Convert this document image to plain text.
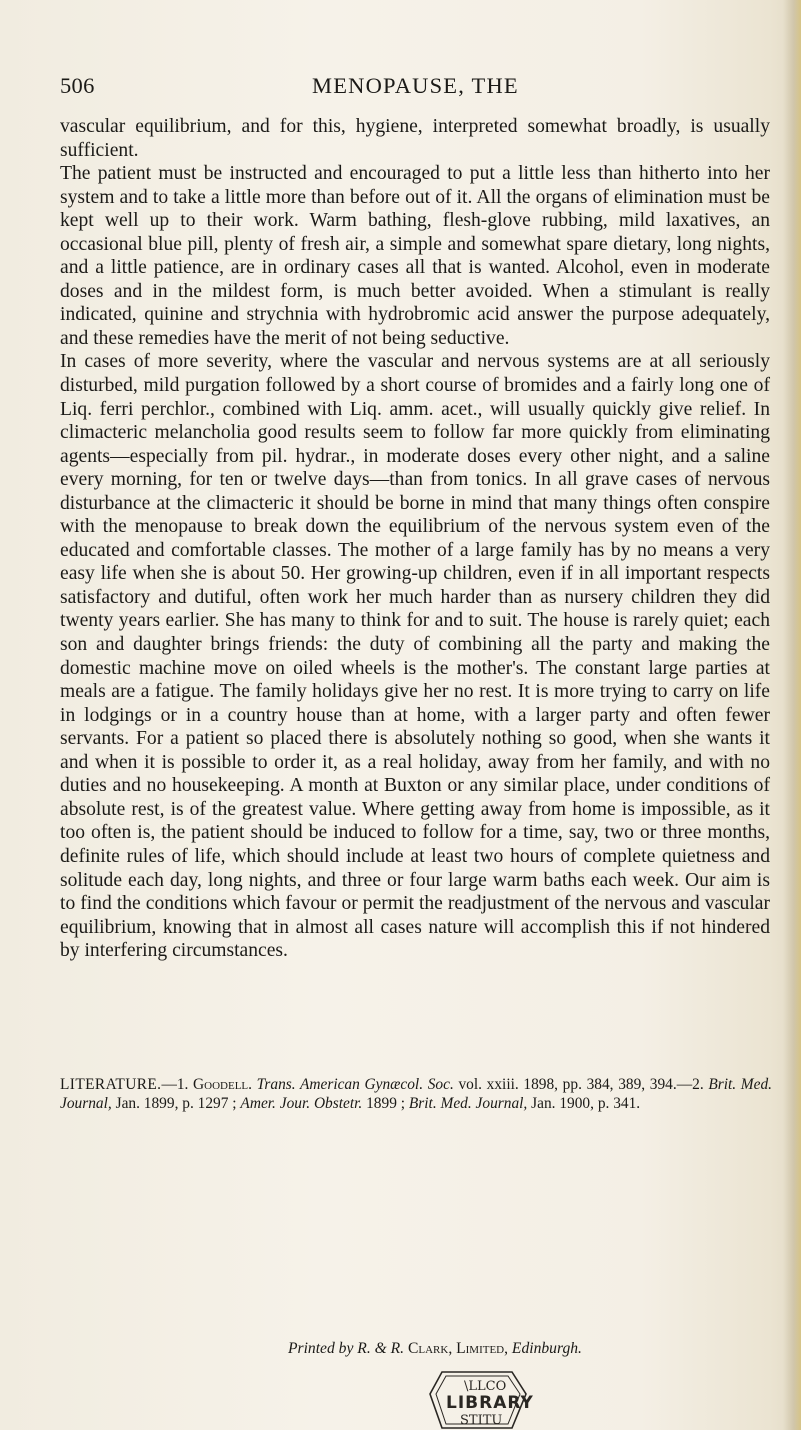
506	MENOPAUSE, THE

vascular equilibrium, and for this, hygiene, interpreted somewhat broadly, is usually sufficient.

The patient must be instructed and encouraged to put a little less than hitherto into her system and to take a little more than before out of it. All the organs of elimination must be kept well up to their work. Warm bathing, flesh-glove rubbing, mild laxatives, an occasional blue pill, plenty of fresh air, a simple and somewhat spare dietary, long nights, and a little patience, are in ordinary cases all that is wanted. Alcohol, even in moderate doses and in the mildest form, is much better avoided. When a stimulant is really indicated, quinine and strychnia with hydrobromic acid answer the purpose adequately, and these remedies have the merit of not being seductive.

In cases of more severity, where the vascular and nervous systems are at all seriously disturbed, mild purgation followed by a short course of bromides and a fairly long one of Liq. ferri perchlor., combined with Liq. amm. acet., will usually quickly give relief. In climacteric melancholia good results seem to follow far more quickly from eliminating agents—especially from pil. hydrar., in moderate doses every other night, and a saline every morning, for ten or twelve days—than from tonics. In all grave cases of nervous disturbance at the climacteric it should be borne in mind that many things often conspire with the menopause to break down the equilibrium of the nervous system even of the educated and comfortable classes. The mother of a large family has by no means a very easy life when she is about 50. Her growing-up children, even if in all important respects satisfactory and dutiful, often work her much harder than as nursery children they did twenty years earlier. She has many to think for and to suit. The house is rarely quiet; each son and daughter brings friends: the duty of combining all the party and making the domestic machine move on oiled wheels is the mother's. The constant large parties at meals are a fatigue. The family holidays give her no rest. It is more trying to carry on life in lodgings or in a country house than at home, with a larger party and often fewer servants. For a patient so placed there is absolutely nothing so good, when she wants it and when it is possible to order it, as a real holiday, away from her family, and with no duties and no housekeeping. A month at Buxton or any similar place, under conditions of absolute rest, is of the greatest value. Where getting away from home is impossible, as it too often is, the patient should be induced to follow for a time, say, two or three months, definite rules of life, which should include at least two hours of complete quietness and solitude each day, long nights, and three or four large warm baths each week. Our aim is to find the conditions which favour or permit the readjustment of the nervous and vascular equilibrium, knowing that in almost all cases nature will accomplish this if not hindered by interfering circumstances.

LITERATURE.—1. Goodell. Trans. American Gynæcol. Soc. vol. xxiii. 1898, pp. 384, 389, 394.—2. Brit. Med. Journal, Jan. 1899, p. 1297 ; Amer. Jour. Obstetr. 1899 ; Brit. Med. Journal, Jan. 1900, p. 341.
Printed by R. & R. Clark, Limited, Edinburgh.
\LLCO
LIBRARY
STITU
